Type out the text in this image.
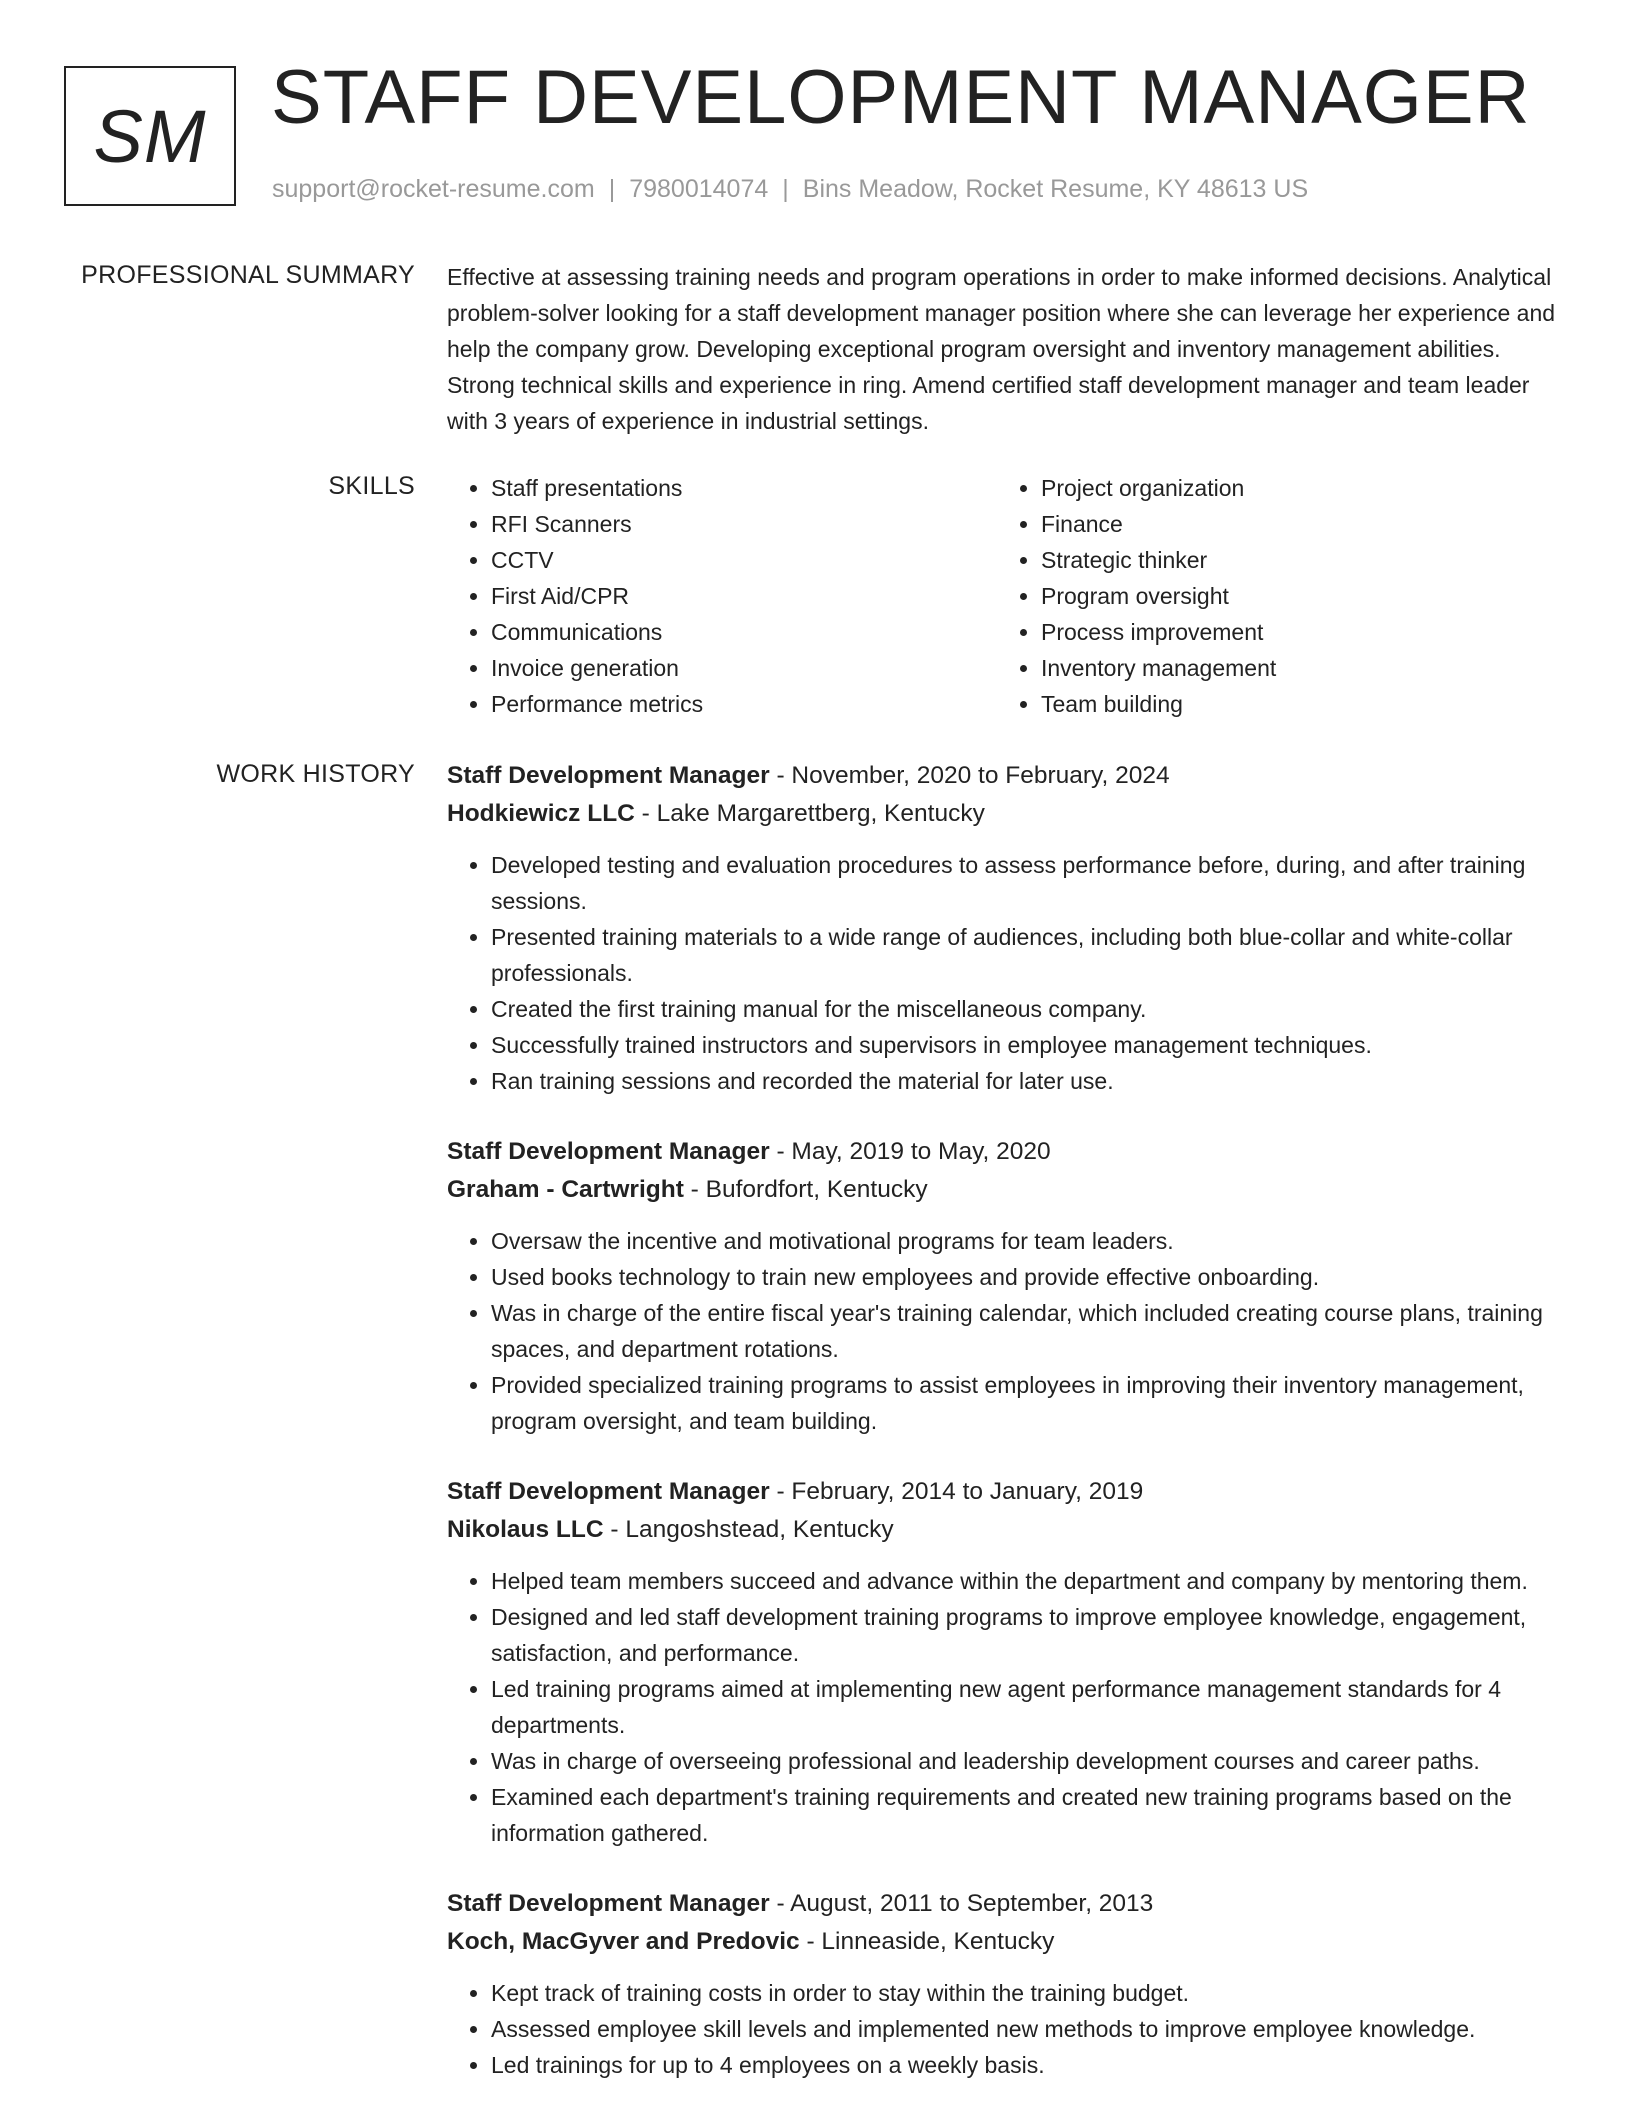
SM STAFF DEVELOPMENT MANAGER
support@rocket-resume.com | 7980014074 | Bins Meadow, Rocket Resume, KY 48613 US
PROFESSIONAL SUMMARY Effective at assessing training needs and program operations in order to make informed decisions. Analytical problem-solver looking for a staff development manager position where she can leverage her experience and help the company grow. Developing exceptional program oversight and inventory management abilities. Strong technical skills and experience in ring. Amend certified staff development manager and team leader with 3 years of experience in industrial settings.

SKILLS
•	Staff presentations
• RFI Scanners
• CCTV
• First Aid/CPR
• Communications
• Invoice generation
• Performance metrics
• Project organization
• Finance
• Strategic thinker
• Program oversight
• Process improvement
• Inventory management
• Team building
WORK HISTORY Staff Development Manager - November, 2020 to February, 2024
Hodkiewicz LLC - Lake Margarettberg, Kentucky
• Developed testing and evaluation procedures to assess performance before, during, and after training sessions.
• Presented training materials to a wide range of audiences, including both blue-collar and white-collar professionals.
• Created the first training manual for the miscellaneous company.
• Successfully trained instructors and supervisors in employee management techniques.
• Ran training sessions and recorded the material for later use.
Staff Development Manager - May, 2019 to May, 2020
Graham - Cartwright - Bufordfort, Kentucky
• Oversaw the incentive and motivational programs for team leaders.
• Used books technology to train new employees and provide effective onboarding.
• Was in charge of the entire fiscal year's training calendar, which included creating course plans, training spaces, and department rotations.
• Provided specialized training programs to assist employees in improving their inventory management, program oversight, and team building.
Staff Development Manager - February, 2014 to January, 2019
Nikolaus LLC - Langoshstead, Kentucky
• Helped team members succeed and advance within the department and company by mentoring them.
• Designed and led staff development training programs to improve employee knowledge, engagement, satisfaction, and performance.
• Led training programs aimed at implementing new agent performance management standards for 4 departments.
• Was in charge of overseeing professional and leadership development courses and career paths.
• Examined each department's training requirements and created new training programs based on the information gathered.
Staff Development Manager - August, 2011 to September, 2013
Koch, MacGyver and Predovic - Linneaside, Kentucky
• Kept track of training costs in order to stay within the training budget.
• Assessed employee skill levels and implemented new methods to improve employee knowledge.
• Led trainings for up to 4 employees on a weekly basis.
